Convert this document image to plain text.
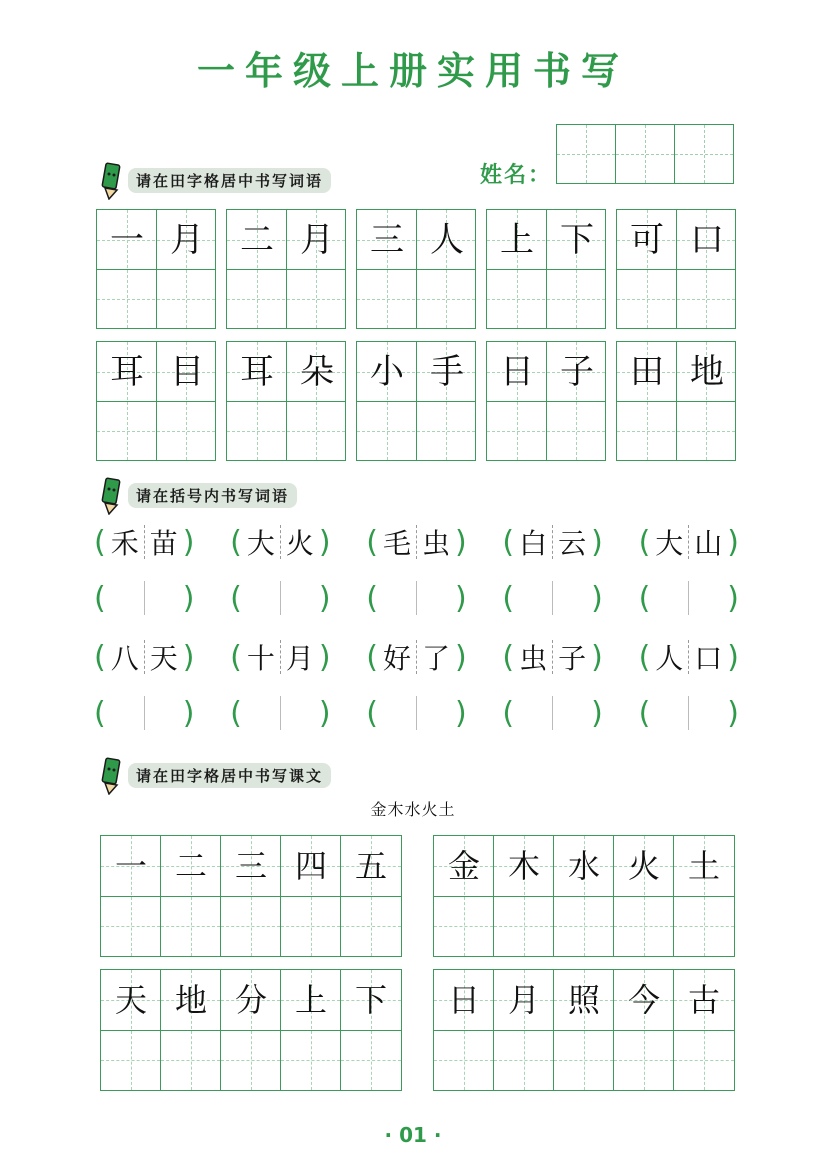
一年级上册实用书写
姓名：
请在田字格居中书写词语
一 月	二 月	三 人	上 下	可 口
耳 目	耳 朵	小 手	日 子	田 地
请在括号内书写词语
( 禾 苗 ) ( 大 火 ) ( 毛 虫 ) ( 白 云 ) ( 大 山 )
(	) (	) (	) (	) (	)
( 八 天 ) ( 十 月 ) ( 好 了 ) ( 虫 子 ) ( 人 口 )
(	) (	) (	) (	) (	)
请在田字格居中书写课文
金木水火土
一 二 三 四 五	金 木 水 火 土
天 地 分 上 下	日 月 照 今 古
· 01 ·
